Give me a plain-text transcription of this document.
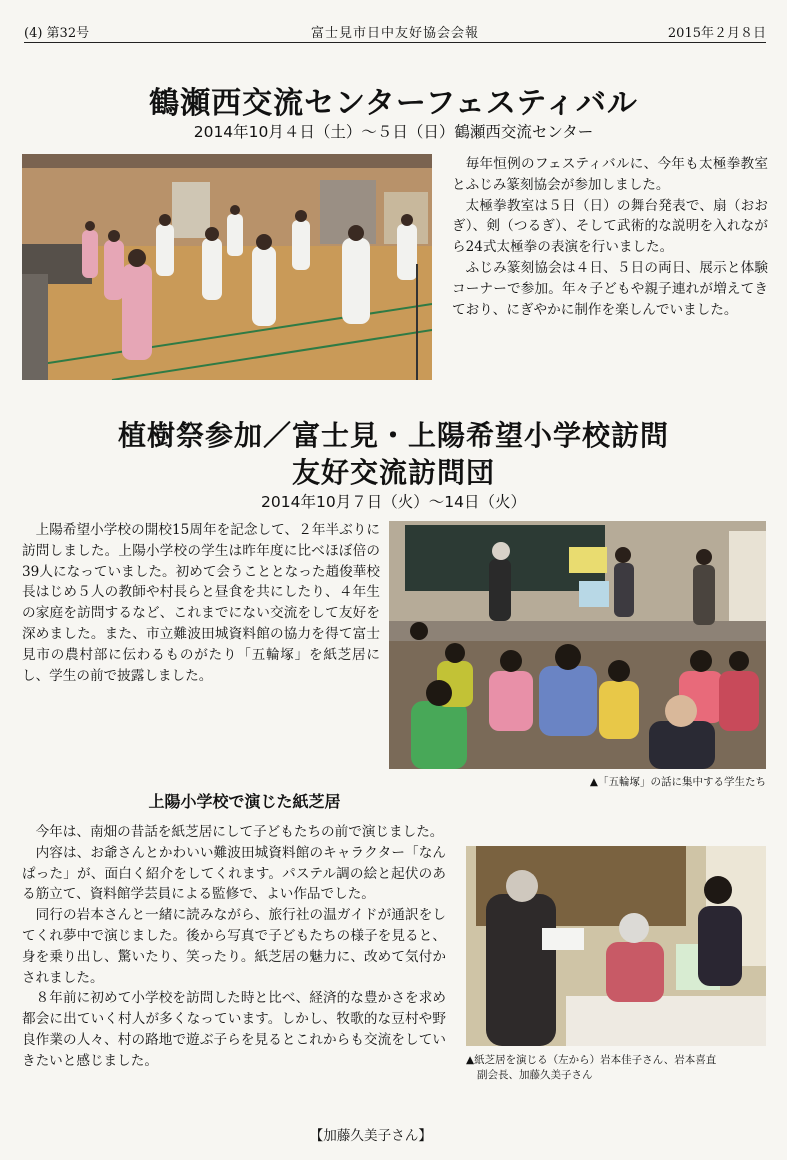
(4) 第32号	富士見市日中友好協会会報	2015年２月８日
鶴瀬西交流センターフェスティバル
2014年10月４日（土）～５日（日）鶴瀬西交流センター

毎年恒例のフェスティバルに、今年も太極拳教室とふじみ篆刻協会が参加しました。

太極拳教室は５日（日）の舞台発表で、扇（おおぎ）、剣（つるぎ）、そして武術的な説明を入れながら24式太極拳の表演を行いました。

ふじみ篆刻協会は４日、５日の両日、展示と体験コーナーで参加。年々子どもや親子連れが増えてきており、にぎやかに制作を楽しんでいました。

植樹祭参加／富士見・上陽希望小学校訪問
友好交流訪問団
2014年10月７日（火）～14日（火）

上陽希望小学校の開校15周年を記念して、２年半ぶりに訪問しました。上陽小学校の学生は昨年度に比べほぼ倍の39人になっていました。初めて会うこととなった趙俊華校長はじめ５人の教師や村長らと昼食を共にしたり、４年生の家庭を訪問するなど、これまでにない交流をして友好を深めました。また、市立難波田城資料館の協力を得て富士見市の農村部に伝わるものがたり「五輪塚」を紙芝居にし、学生の前で披露しました。

▲「五輪塚」の話に集中する学生たち
上陽小学校で演じた紙芝居

今年は、南畑の昔話を紙芝居にして子どもたちの前で演じました。

内容は、お爺さんとかわいい難波田城資料館のキャラクター「なんぱった」が、面白く紹介をしてくれます。パステル調の絵と起伏のある筋立て、資料館学芸員による監修で、よい作品でした。

同行の岩本さんと一緒に読みながら、旅行社の温ガイドが通訳をしてくれ夢中で演じました。後から写真で子どもたちの様子を見ると、身を乗り出し、驚いたり、笑ったり。紙芝居の魅力に、改めて気付かされました。

８年前に初めて小学校を訪問した時と比べ、経済的な豊かさを求め都会に出ていく村人が多くなっています。しかし、牧歌的な豆村や野良作業の人々、村の路地で遊ぶ子らを見るとこれからも交流をしていきたいと感じました。

【加藤久美子さん】
▲紙芝居を演じる（左から）岩本佳子さん、岩本喜直
副会長、加藤久美子さん
